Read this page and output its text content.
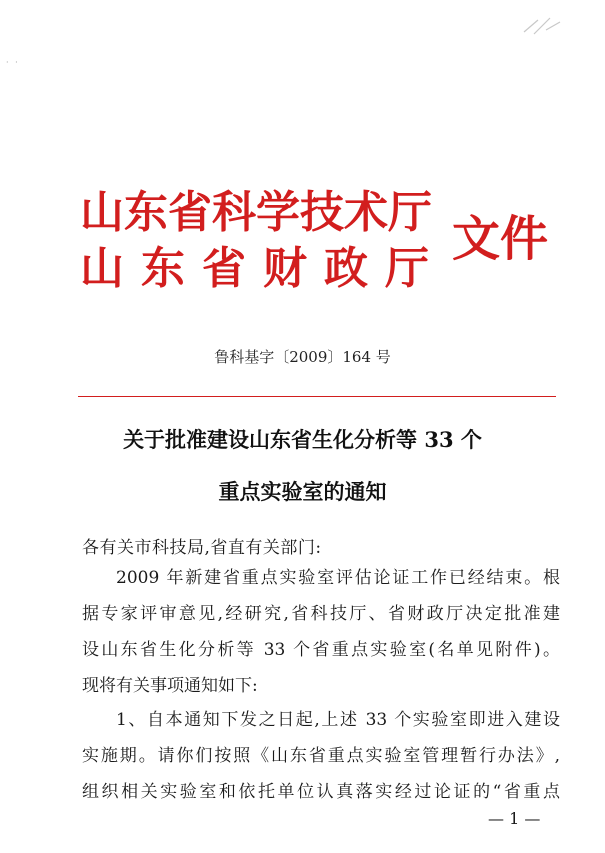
· ·
山东省科学技术厅
山东省财政厅
文件
鲁科基字〔2009〕164 号
关于批准建设山东省生化分析等 33 个
重点实验室的通知
各有关市科技局,省直有关部门:
2009 年新建省重点实验室评估论证工作已经结束。根
据专家评审意见,经研究,省科技厅、省财政厅决定批准建
设山东省生化分析等 33 个省重点实验室(名单见附件)。
现将有关事项通知如下:
1、自本通知下发之日起,上述 33 个实验室即进入建设
实施期。请你们按照《山东省重点实验室管理暂行办法》,
组织相关实验室和依托单位认真落实经过论证的“省重点
— 1 —
